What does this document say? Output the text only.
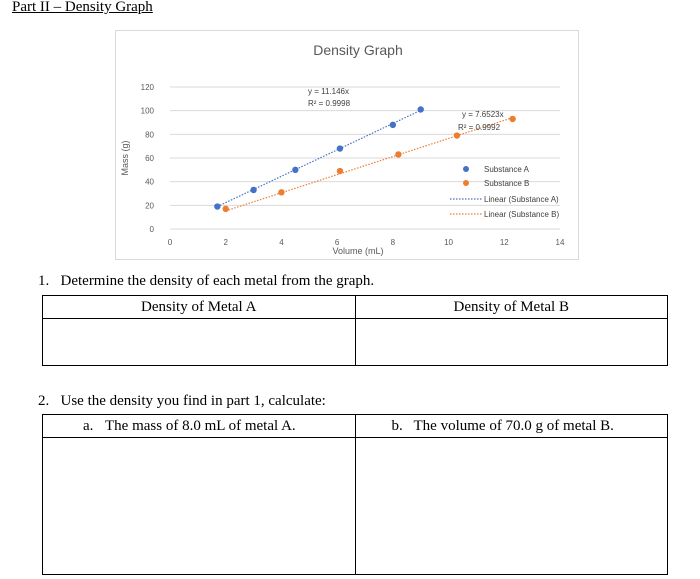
Part II – Density Graph
0
20
40
60
80
100
120
0	2	4	6	8	10	12	14
Density Graph
Volume (mL)
Mass (g)
y = 11.146x
R² = 0.9998
y = 7.6523x
R² = 0.9992
Substance A
Substance B
Linear (Substance A)
Linear (Substance B)

1. Determine the density of each metal from the graph.

Density of Metal A	Density of Metal B

2. Use the density you find in part 1, calculate:

a. The mass of 8.0 mL of metal A.	b. The volume of 70.0 g of metal B.
